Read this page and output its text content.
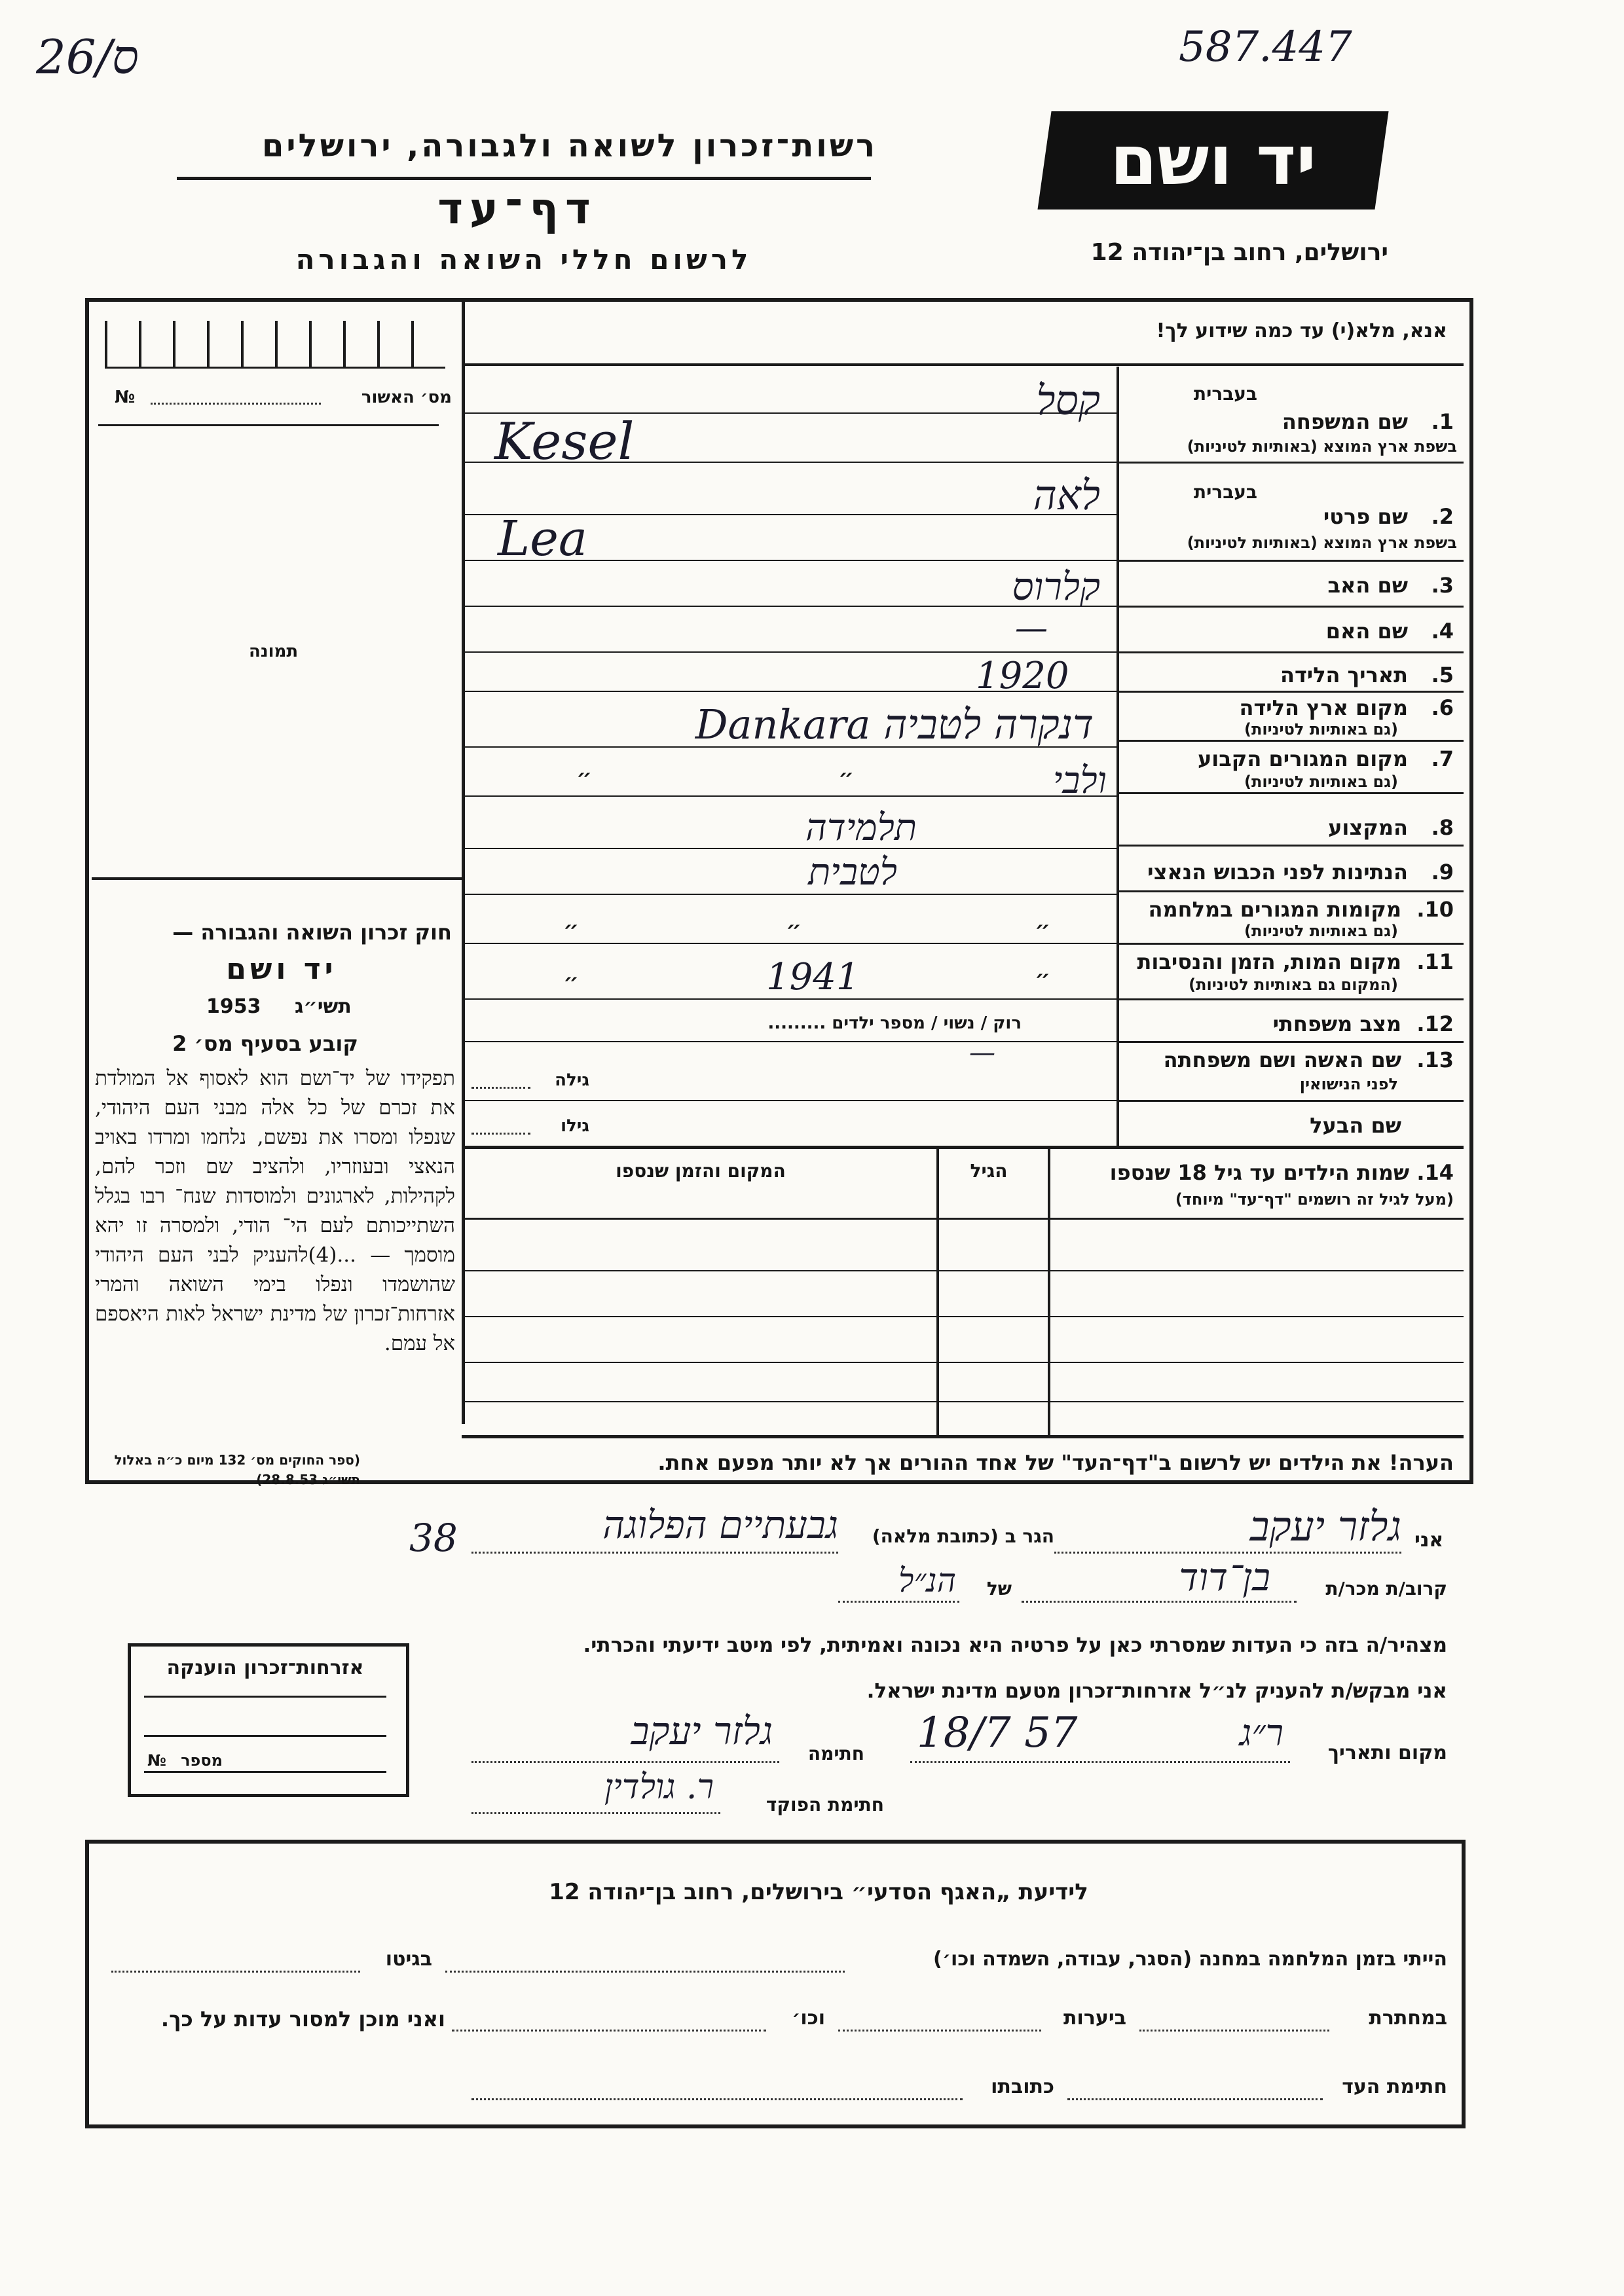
26/ס	587.447
רשות־זכרון לשואה ולגבורה, ירושלים
דף־עד
לרשום חללי השואה והגבורה
יד ושם
ירושלים, רחוב בן־יהודה 12
מס׳ האשור
№
תמונה
חוק זכרון השואה והגבורה —
יד ושם
תשי״ג
1953
קובע בסעיף מס׳ 2
תפקידו של יד־ושם הוא לאסוף אל המולדת את זכרם של כל אלה מבני העם היהודי, שנפלו ומסרו את נפשם, נלחמו ומרדו באויב הנאצי ובעוזריו, ולהציב שם וזכר להם, לקהילות, לארגונים ולמוסדות שנח־ רבו בגלל השתייכותם לעם הי־ הודי, ולמסרה זו יהא מוסמך — ...(4)להעניק לבני העם היהודי שהושמדו ונפלו בימי השואה והמרי אזרחות־זכרון של מדינת ישראל לאות היאספם אל עמם.
(ספר החוקים מס׳ 132 מיום כ״ה באלול תשי״ג 28.8.53)
אנא, מלא(י) עד כמה שידוע לך!
בעברית
1.
שם המשפחה
בשפת ארץ המוצא (באותיות לטיניות)
קסל
Kesel
בעברית
2.
שם פרטי
בשפת ארץ המוצא (באותיות לטיניות)
לאה
Lea
3.
שם האב
קלרוס
4.
שם האם
—
5.
תאריך הלידה
1920
6.
מקום ארץ הלידה
(גם באותיות לטיניות)
דנקרה לטביה Dankara
7.
מקום המגורים הקבוע
(גם באותיות לטיניות)
ולבי
״
״
8.
המקצוע
תלמידה
9.
הנתינות לפני הכבוש הנאצי
לטבית
10.
מקומות המגורים במלחמה
(גם באותיות לטיניות)
״
״
״
11.
מקום המות, הזמן והנסיבות
(המקום גם באותיות לטיניות)
״
1941
״
12.
מצב משפחתי
רוק / נשוי / מספר ילדים .........
13.
שם האשה ושם משפחתה
לפני הנישואין
—
גילה
שם הבעל
גילו
14. שמות הילדים עד גיל 18 שנספו
(מעל לגיל זה רושמים "דף־עד" מיוחד)
הגיל
המקום והזמן שנספו
הערה! את הילדים יש לרשום ב"דף־העד" של אחד ההורים אך לא יותר מפעם אחת.
אני
גלזר יעקב
הגר ב (כתובת מלאה)
גבעתיים הפלוגה
38
קרוב/ת מכר/ת
בן־דוד
של
הנ״ל
מצהיר/ה בזה כי העדות שמסרתי כאן על פרטיה היא נכונה ואמיתית, לפי מיטב ידיעתי והכרתי.
אני מבקש/ת להעניק לנ״ל אזרחות־זכרון מטעם מדינת ישראל.
מקום ותאריך
ר״ג
18/7 57
חתימה
גלזר יעקב
חתימת הפוקד
ר. גולדין
אזרחות־זכרון הוענקה
מספר
№
לידיעת „האגף הסדעי״ בירושלים, רחוב בן־יהודה 12
הייתי בזמן המלחמה במחנה (הסגר, עבודה, השמדה וכו׳)
בגיטו
במחתרת
ביערות
וכו׳
ואני מוכן למסור עדות על כך.
חתימת העד
כתובתו
